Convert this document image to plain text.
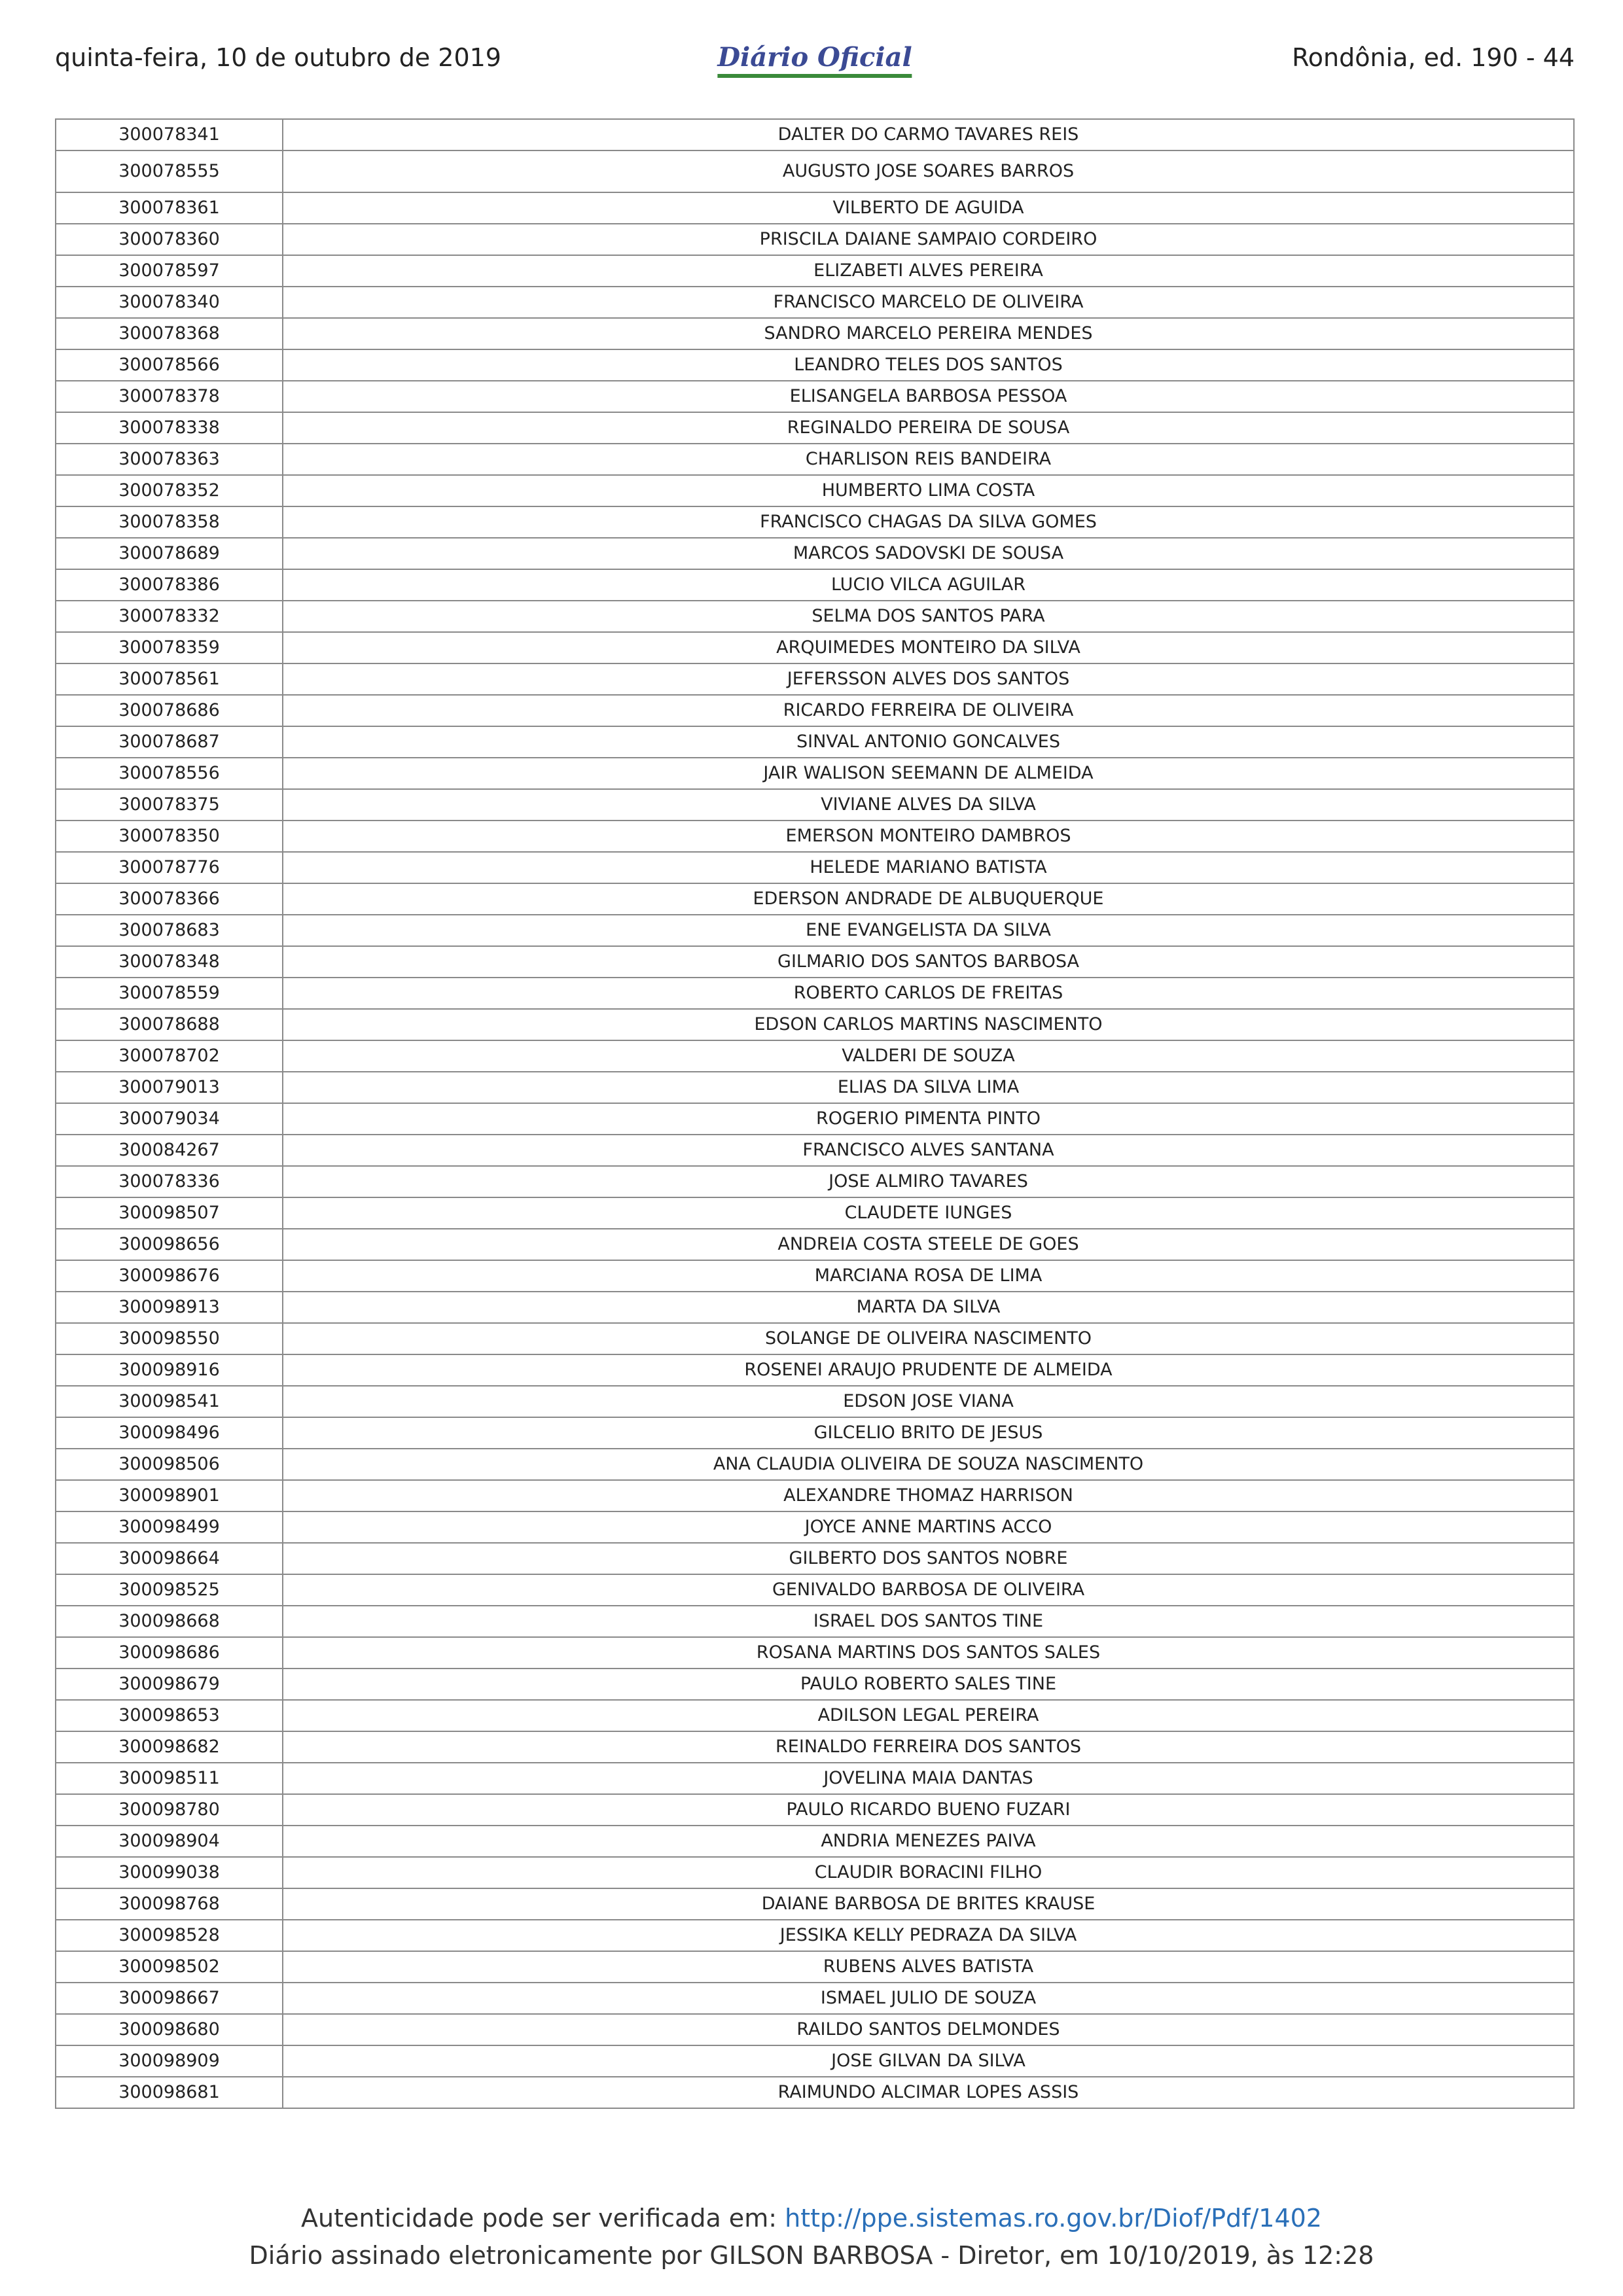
quinta-feira, 10 de outubro de 2019	Diário Oficial	Rondônia, ed. 190 - 44
300078341	DALTER DO CARMO TAVARES REIS
300078555	AUGUSTO JOSE SOARES BARROS
300078361	VILBERTO DE AGUIDA
300078360	PRISCILA DAIANE SAMPAIO CORDEIRO
300078597	ELIZABETI ALVES PEREIRA
300078340	FRANCISCO MARCELO DE OLIVEIRA
300078368	SANDRO MARCELO PEREIRA MENDES
300078566	LEANDRO TELES DOS SANTOS
300078378	ELISANGELA BARBOSA PESSOA
300078338	REGINALDO PEREIRA DE SOUSA
300078363	CHARLISON REIS BANDEIRA
300078352	HUMBERTO LIMA COSTA
300078358	FRANCISCO CHAGAS DA SILVA GOMES
300078689	MARCOS SADOVSKI DE SOUSA
300078386	LUCIO VILCA AGUILAR
300078332	SELMA DOS SANTOS PARA
300078359	ARQUIMEDES MONTEIRO DA SILVA
300078561	JEFERSSON ALVES DOS SANTOS
300078686	RICARDO FERREIRA DE OLIVEIRA
300078687	SINVAL ANTONIO GONCALVES
300078556	JAIR WALISON SEEMANN DE ALMEIDA
300078375	VIVIANE ALVES DA SILVA
300078350	EMERSON MONTEIRO DAMBROS
300078776	HELEDE MARIANO BATISTA
300078366	EDERSON ANDRADE DE ALBUQUERQUE
300078683	ENE EVANGELISTA DA SILVA
300078348	GILMARIO DOS SANTOS BARBOSA
300078559	ROBERTO CARLOS DE FREITAS
300078688	EDSON CARLOS MARTINS NASCIMENTO
300078702	VALDERI DE SOUZA
300079013	ELIAS DA SILVA LIMA
300079034	ROGERIO PIMENTA PINTO
300084267	FRANCISCO ALVES SANTANA
300078336	JOSE ALMIRO TAVARES
300098507	CLAUDETE IUNGES
300098656	ANDREIA COSTA STEELE DE GOES
300098676	MARCIANA ROSA DE LIMA
300098913	MARTA DA SILVA
300098550	SOLANGE DE OLIVEIRA NASCIMENTO
300098916	ROSENEI ARAUJO PRUDENTE DE ALMEIDA
300098541	EDSON JOSE VIANA
300098496	GILCELIO BRITO DE JESUS
300098506	ANA CLAUDIA OLIVEIRA DE SOUZA NASCIMENTO
300098901	ALEXANDRE THOMAZ HARRISON
300098499	JOYCE ANNE MARTINS ACCO
300098664	GILBERTO DOS SANTOS NOBRE
300098525	GENIVALDO BARBOSA DE OLIVEIRA
300098668	ISRAEL DOS SANTOS TINE
300098686	ROSANA MARTINS DOS SANTOS SALES
300098679	PAULO ROBERTO SALES TINE
300098653	ADILSON LEGAL PEREIRA
300098682	REINALDO FERREIRA DOS SANTOS
300098511	JOVELINA MAIA DANTAS
300098780	PAULO RICARDO BUENO FUZARI
300098904	ANDRIA MENEZES PAIVA
300099038	CLAUDIR BORACINI FILHO
300098768	DAIANE BARBOSA DE BRITES KRAUSE
300098528	JESSIKA KELLY PEDRAZA DA SILVA
300098502	RUBENS ALVES BATISTA
300098667	ISMAEL JULIO DE SOUZA
300098680	RAILDO SANTOS DELMONDES
300098909	JOSE GILVAN DA SILVA
300098681	RAIMUNDO ALCIMAR LOPES ASSIS
Autenticidade pode ser verificada em: http://ppe.sistemas.ro.gov.br/Diof/Pdf/1402
Diário assinado eletronicamente por GILSON BARBOSA - Diretor, em 10/10/2019, às 12:28
